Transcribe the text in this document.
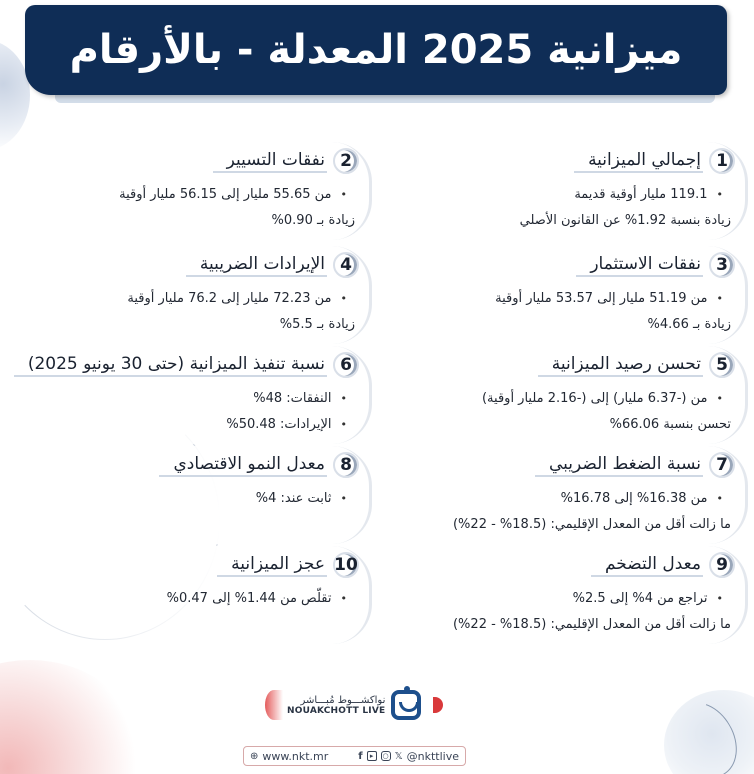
ميزانية 2025 المعدلة - بالأرقام
1
إجمالي الميزانية
• 119.1 مليار أوقية قديمة
زيادة بنسبة 1.92% عن القانون الأصلي
2
نفقات التسيير
• من 55.65 مليار إلى 56.15 مليار أوقية
زيادة بـ 0.90%
3
نفقات الاستثمار
• من 51.19 مليار إلى 53.57 مليار أوقية
زيادة بـ 4.66%
4
الإيرادات الضريبية
• من 72.23 مليار إلى 76.2 مليار أوقية
زيادة بـ 5.5%
5
تحسن رصيد الميزانية
• من (-6.37 مليار) إلى (-2.16 مليار أوقية)
تحسن بنسبة 66.06%
6
نسبة تنفيذ الميزانية (حتى 30 يونيو 2025)
• النفقات: 48%
• الإيرادات: 50.48%
7
نسبة الضغط الضريبي
• من 16.38% إلى 16.78%
ما زالت أقل من المعدل الإقليمي: (18.5% - 22%)
8
معدل النمو الاقتصادي
• ثابت عند: 4%
9
معدل التضخم
• تراجع من 4% إلى 2.5%
ما زالت أقل من المعدل الإقليمي: (18.5% - 22%)
10
عجز الميزانية
• تقلّص من 1.44% إلى 0.47%
نواكشـــوط مُبـــاشر
NOUAKCHOTT LIVE
⊕ www.nkt.mr	f	▸	○ 𝕏 @nkttlive
